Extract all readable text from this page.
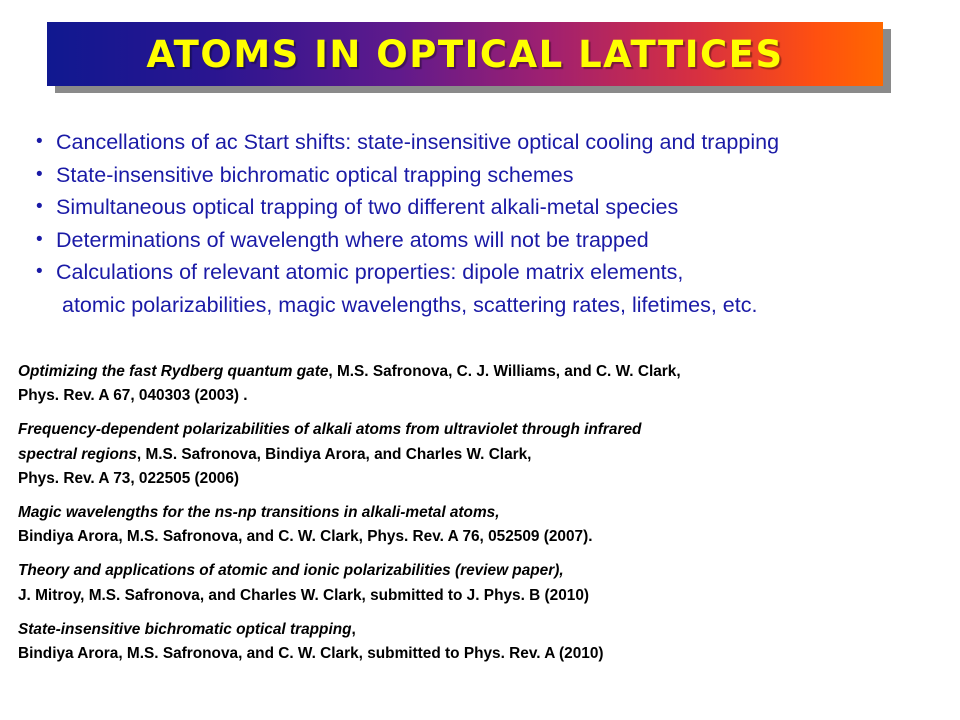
ATOMS IN OPTICAL LATTICES
• Cancellations of ac Start shifts: state-insensitive optical cooling and trapping
• State-insensitive bichromatic optical trapping schemes
• Simultaneous optical trapping of two different alkali-metal species
• Determinations of wavelength where atoms will not be trapped
• Calculations of relevant atomic properties: dipole matrix elements,
atomic polarizabilities, magic wavelengths, scattering rates, lifetimes, etc.
Optimizing the fast Rydberg quantum gate, M.S. Safronova, C. J. Williams, and C. W. Clark,
Phys. Rev. A 67, 040303 (2003) .
Frequency-dependent polarizabilities of alkali atoms from ultraviolet through infrared
spectral regions, M.S. Safronova, Bindiya Arora, and Charles W. Clark,
Phys. Rev. A 73, 022505 (2006)
Magic wavelengths for the ns-np transitions in alkali-metal atoms,
Bindiya Arora, M.S. Safronova, and C. W. Clark, Phys. Rev. A 76, 052509 (2007).
Theory and applications of atomic and ionic polarizabilities (review paper),
J. Mitroy, M.S. Safronova, and Charles W. Clark, submitted to J. Phys. B (2010)
State-insensitive bichromatic optical trapping,
Bindiya Arora, M.S. Safronova, and C. W. Clark, submitted to Phys. Rev. A (2010)
